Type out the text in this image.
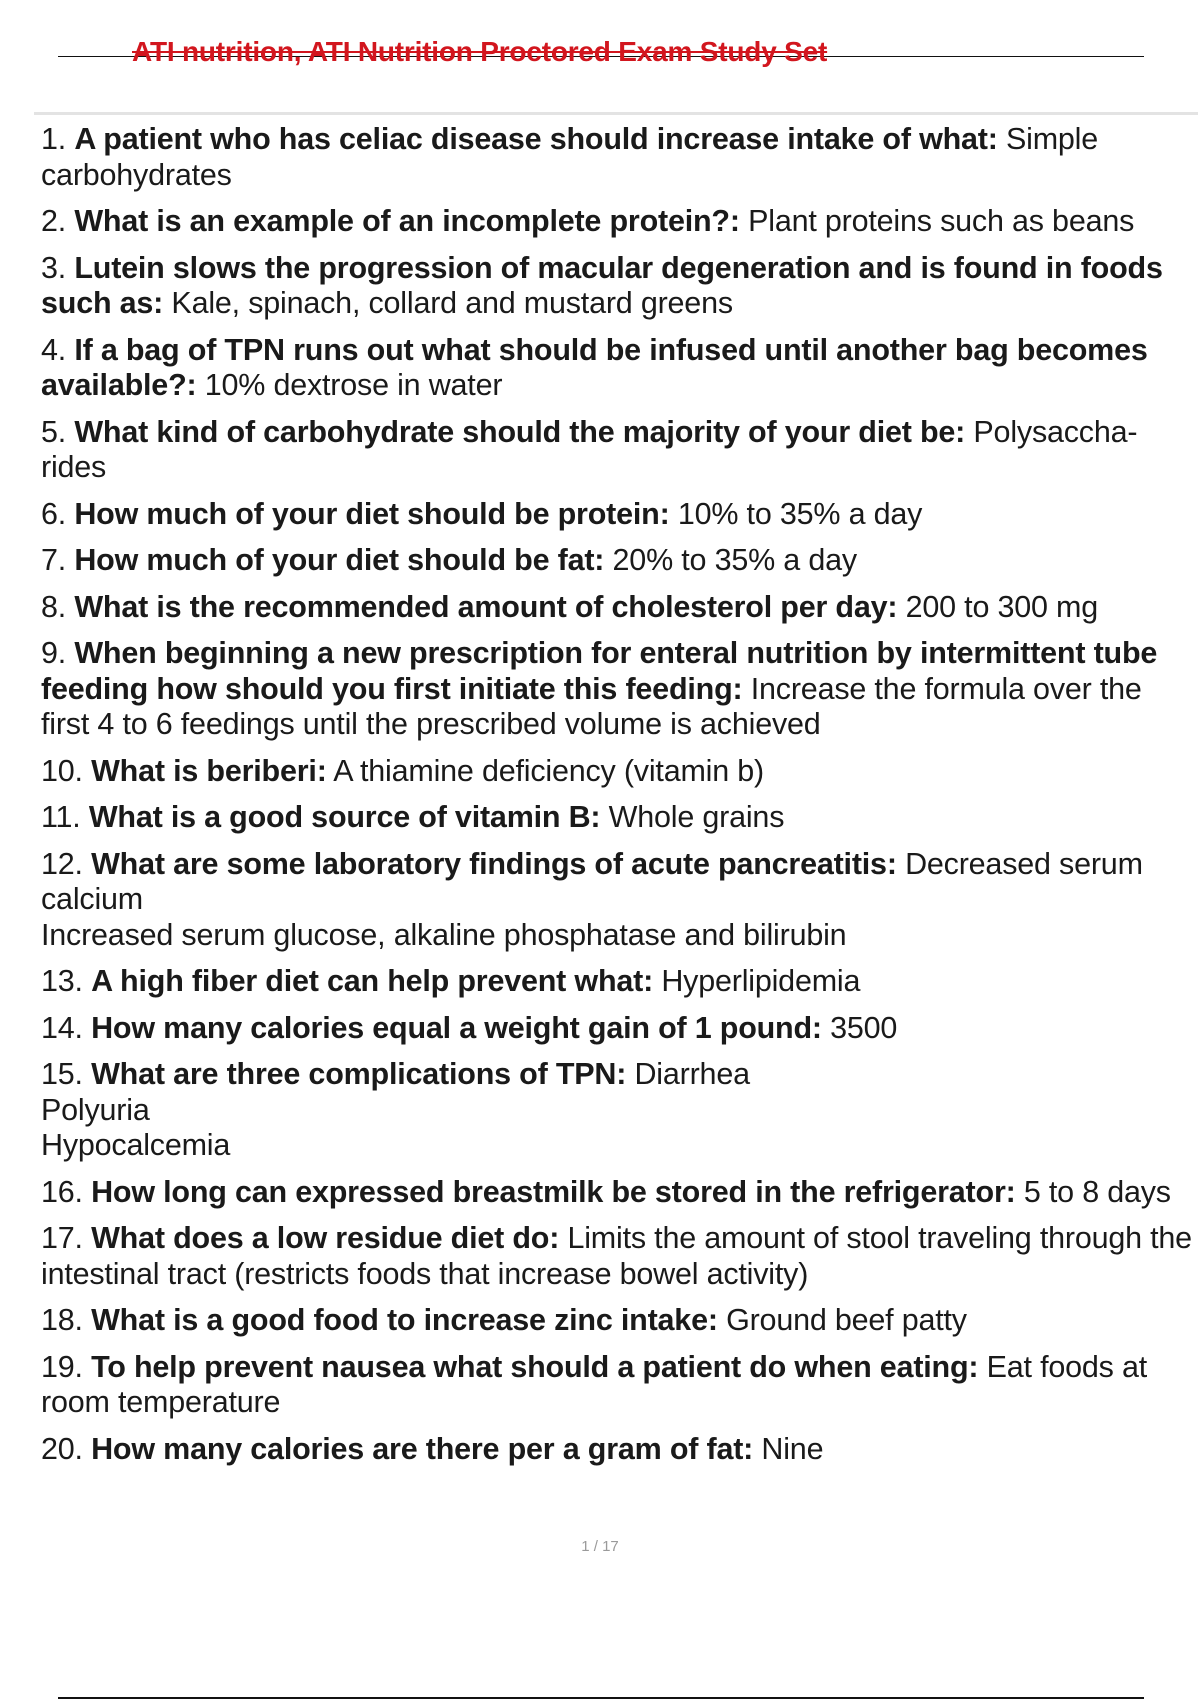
ATI nutrition, ATI Nutrition Proctored Exam Study Set
1. A patient who has celiac disease should increase intake of what: Simple carbohydrates
2. What is an example of an incomplete protein?: Plant proteins such as beans
3. Lutein slows the progression of macular degeneration and is found in foods such as: Kale, spinach, collard and mustard greens
4. If a bag of TPN runs out what should be infused until another bag becomes available?: 10% dextrose in water
5. What kind of carbohydrate should the majority of your diet be: Polysaccha-rides
6. How much of your diet should be protein: 10% to 35% a day
7. How much of your diet should be fat: 20% to 35% a day
8. What is the recommended amount of cholesterol per day: 200 to 300 mg
9. When beginning a new prescription for enteral nutrition by intermittent tube feeding how should you first initiate this feeding: Increase the formula over the first 4 to 6 feedings until the prescribed volume is achieved
10. What is beriberi: A thiamine deficiency (vitamin b)
11. What is a good source of vitamin B: Whole grains
12. What are some laboratory findings of acute pancreatitis: Decreased serum calcium
Increased serum glucose, alkaline phosphatase and bilirubin
13. A high fiber diet can help prevent what: Hyperlipidemia
14. How many calories equal a weight gain of 1 pound: 3500
15. What are three complications of TPN: Diarrhea
Polyuria
Hypocalcemia
16. How long can expressed breastmilk be stored in the refrigerator: 5 to 8 days
17. What does a low residue diet do: Limits the amount of stool traveling through the intestinal tract (restricts foods that increase bowel activity)
18. What is a good food to increase zinc intake: Ground beef patty
19. To help prevent nausea what should a patient do when eating: Eat foods at room temperature
20. How many calories are there per a gram of fat: Nine
1 / 17
